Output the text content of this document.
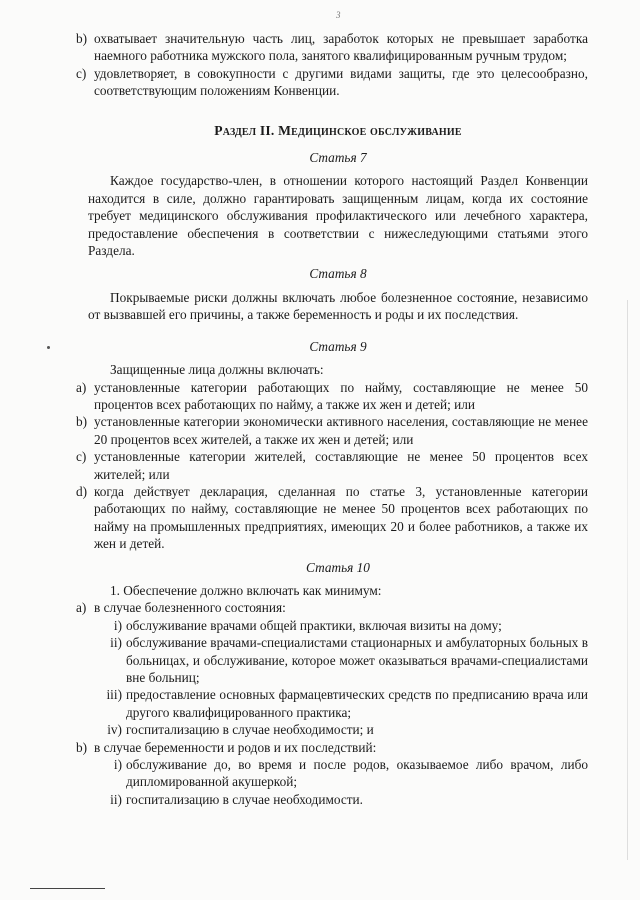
3
b) охватывает значительную часть лиц, заработок которых не превышает заработка наемного работника мужского пола, занятого квалифицированным ручным трудом;
c) удовлетворяет, в совокупности с другими видами защиты, где это целесообразно, соответствующим положениям Конвенции.
Раздел II. Медицинское обслуживание
Статья 7

Каждое государство-член, в отношении которого настоящий Раздел Конвенции находится в силе, должно гарантировать защищенным лицам, когда их состояние требует медицинского обслуживания профилактического или лечебного характера, предоставление обеспечения в соответствии с нижеследующими статьями этого Раздела.

Статья 8

Покрываемые риски должны включать любое болезненное состояние, независимо от вызвавшей его причины, а также беременность и роды и их последствия.

Статья 9
Защищенные лица должны включать:
a) установленные категории работающих по найму, составляющие не менее 50 процентов всех работающих по найму, а также их жен и детей; или
b) установленные категории экономически активного населения, составляющие не менее 20 процентов всех жителей, а также их жен и детей; или
c) установленные категории жителей, составляющие не менее 50 процентов всех жителей; или
d) когда действует декларация, сделанная по статье 3, установленные категории работающих по найму, составляющие не менее 50 процентов всех работающих по найму на промышленных предприятиях, имеющих 20 и более работников, а также их жен и детей.
Статья 10
1. Обеспечение должно включать как минимум:
a) в случае болезненного состояния:
i) обслуживание врачами общей практики, включая визиты на дому;
ii) обслуживание врачами-специалистами стационарных и амбулаторных больных в больницах, и обслуживание, которое может оказываться врачами-специалистами вне больниц;
iii) предоставление основных фармацевтических средств по предписанию врача или другого квалифицированного практика;
iv) госпитализацию в случае необходимости; и
b) в случае беременности и родов и их последствий:
i) обслуживание до, во время и после родов, оказываемое либо врачом, либо дипломированной акушеркой;
ii) госпитализацию в случае необходимости.
